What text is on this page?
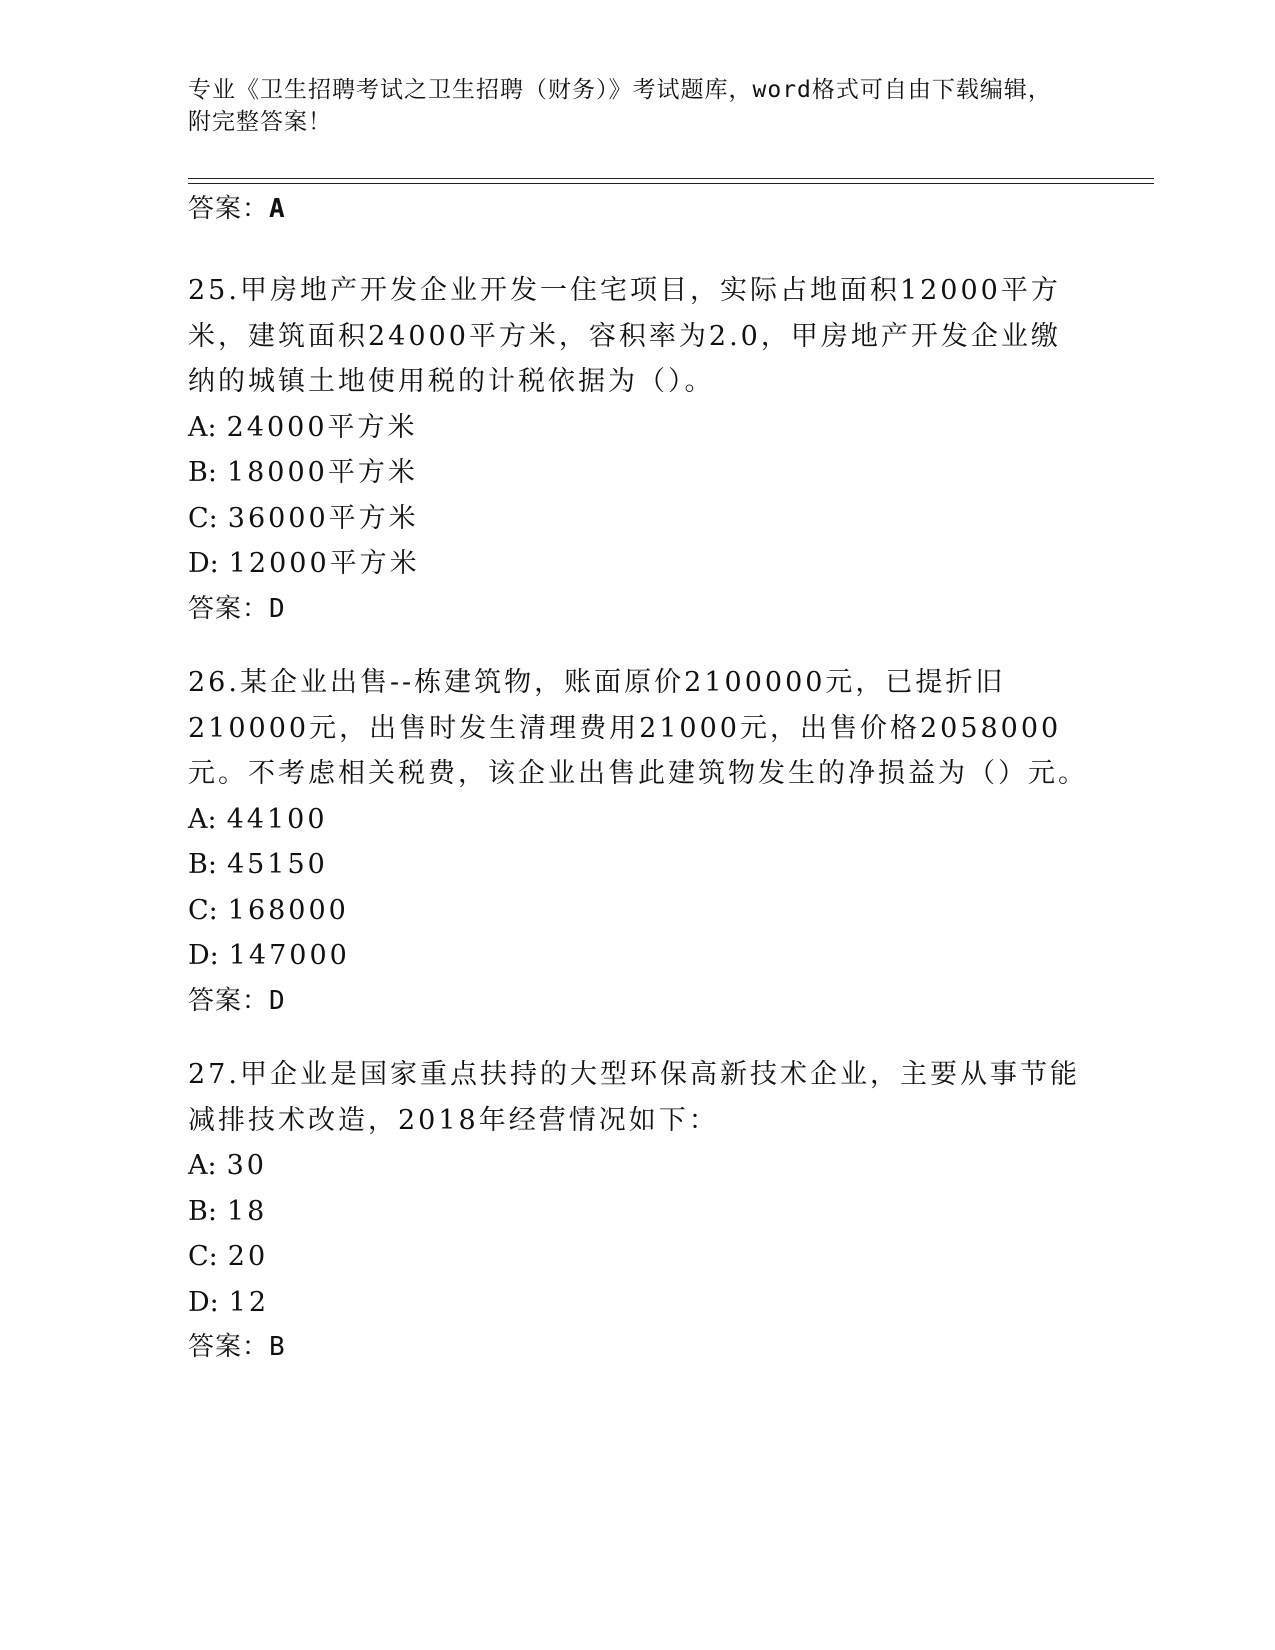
专业《卫生招聘考试之卫生招聘（财务）》考试题库，word格式可自由下载编辑，附完整答案！
答案：A

25.甲房地产开发企业开发一住宅项目，实际占地面积12000平方米，建筑面积24000平方米，容积率为2.0，甲房地产开发企业缴纳的城镇土地使用税的计税依据为（）。

A: 24000平方米

B: 18000平方米

C: 36000平方米

D: 12000平方米

答案：D

26.某企业出售--栋建筑物，账面原价2100000元，已提折旧210000元，出售时发生清理费用21000元，出售价格2058000元。不考虑相关税费，该企业出售此建筑物发生的净损益为（）元。

A: 44100

B: 45150

C: 168000

D: 147000

答案：D

27.甲企业是国家重点扶持的大型环保高新技术企业，主要从事节能减排技术改造，2018年经营情况如下：

A: 30

B: 18

C: 20

D: 12

答案：B
